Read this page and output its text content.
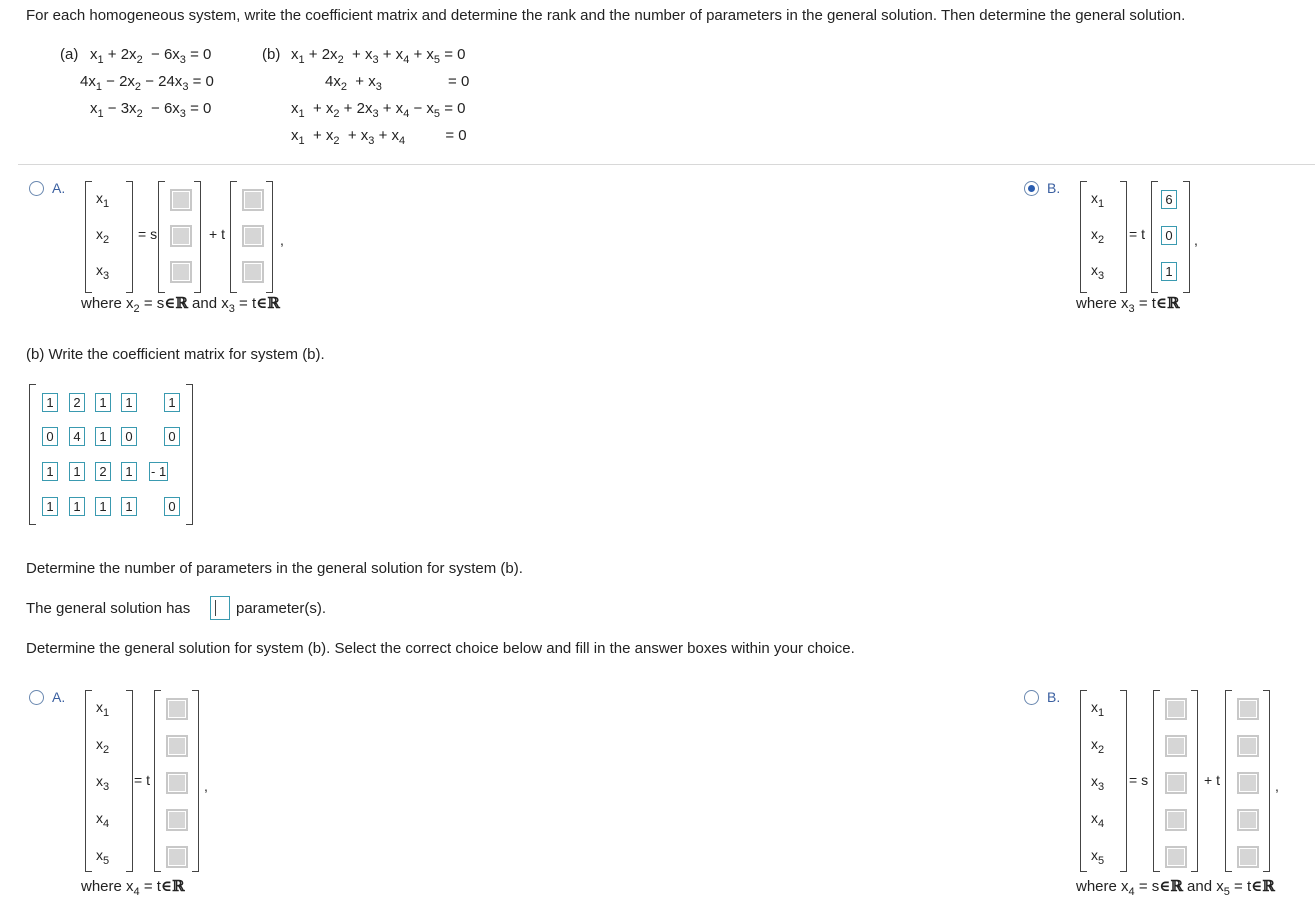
For each homogeneous system, write the coefficient matrix and determine the rank and the number of parameters in the general solution. Then determine the general solution.
(a) $x_1 + 2x_2 - 6x_3 = 0$
$4x_1 - 2x_2 - 24x_3 = 0$
$x_1 - 3x_2 - 6x_3 = 0$
(b) $x_1 + 2x_2 + x_3 + x_4 + x_5 = 0$
$4x_2 + x_3$	= 0
$x_1 + x_2 + 2x_3 + x_4 - x_5 = 0$
$x_1 + x_2 + x_3 + x_4$	= 0
A.
$x_1$
$x_2$
$x_3$
= s	+ t	,
where $x_2$ = s∈ℝ and $x_3$ = t∈ℝ
B.
$x_1$
$x_2$
$x_3$
= t
6
0
1
,
where $x_3$ = t∈ℝ
(b) Write the coefficient matrix for system (b).
1	2	1	1	1
0	4	1	0	0
1	1	2	1	- 1
1	1	1	1	0
Determine the number of parameters in the general solution for system (b).
The general solution has	parameter(s).
Determine the general solution for system (b). Select the correct choice below and fill in the answer boxes within your choice.
A.
$x_1$
$x_2$
$x_3$
$x_4$
$x_5$
= t	,
where $x_4$ = t∈ℝ
B.
$x_1$
$x_2$
$x_3$
$x_4$
$x_5$
= s	+ t	,
where $x_4$ = s∈ℝ and $x_5$ = t∈ℝ
